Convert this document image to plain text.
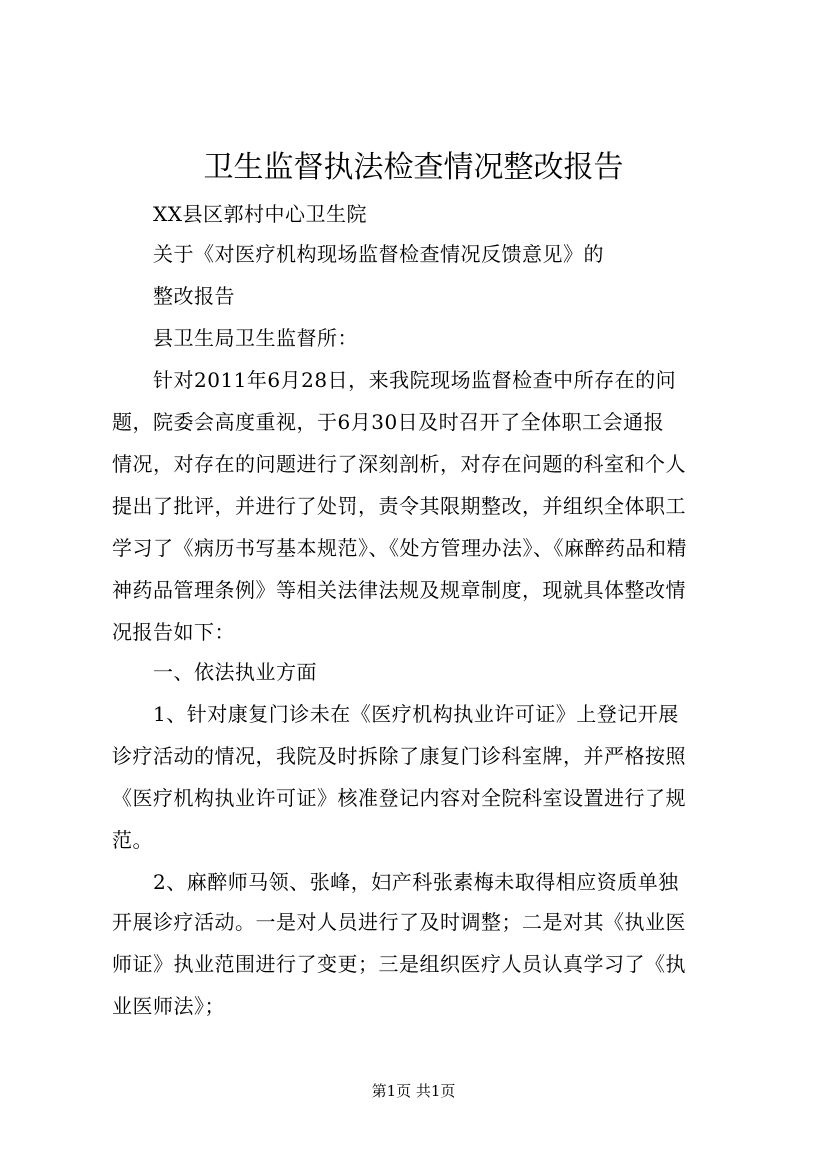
卫生监督执法检查情况整改报告
　　XX县区郭村中心卫生院
　　关于《对医疗机构现场监督检查情况反馈意见》的
　　整改报告
　　县卫生局卫生监督所：
　　针对2011年6月28日，来我院现场监督检查中所存在的问
题，院委会高度重视，于6月30日及时召开了全体职工会通报
情况，对存在的问题进行了深刻剖析，对存在问题的科室和个人
提出了批评，并进行了处罚，责令其限期整改，并组织全体职工
学习了《病历书写基本规范》、《处方管理办法》、《麻醉药品和精
神药品管理条例》等相关法律法规及规章制度，现就具体整改情
况报告如下：
　　一、依法执业方面
　　1、针对康复门诊未在《医疗机构执业许可证》上登记开展
诊疗活动的情况，我院及时拆除了康复门诊科室牌，并严格按照
《医疗机构执业许可证》核准登记内容对全院科室设置进行了规
范。
　　2、麻醉师马领、张峰，妇产科张素梅未取得相应资质单独
开展诊疗活动。一是对人员进行了及时调整；二是对其《执业医
师证》执业范围进行了变更；三是组织医疗人员认真学习了《执
业医师法》；
第1页 共1页
